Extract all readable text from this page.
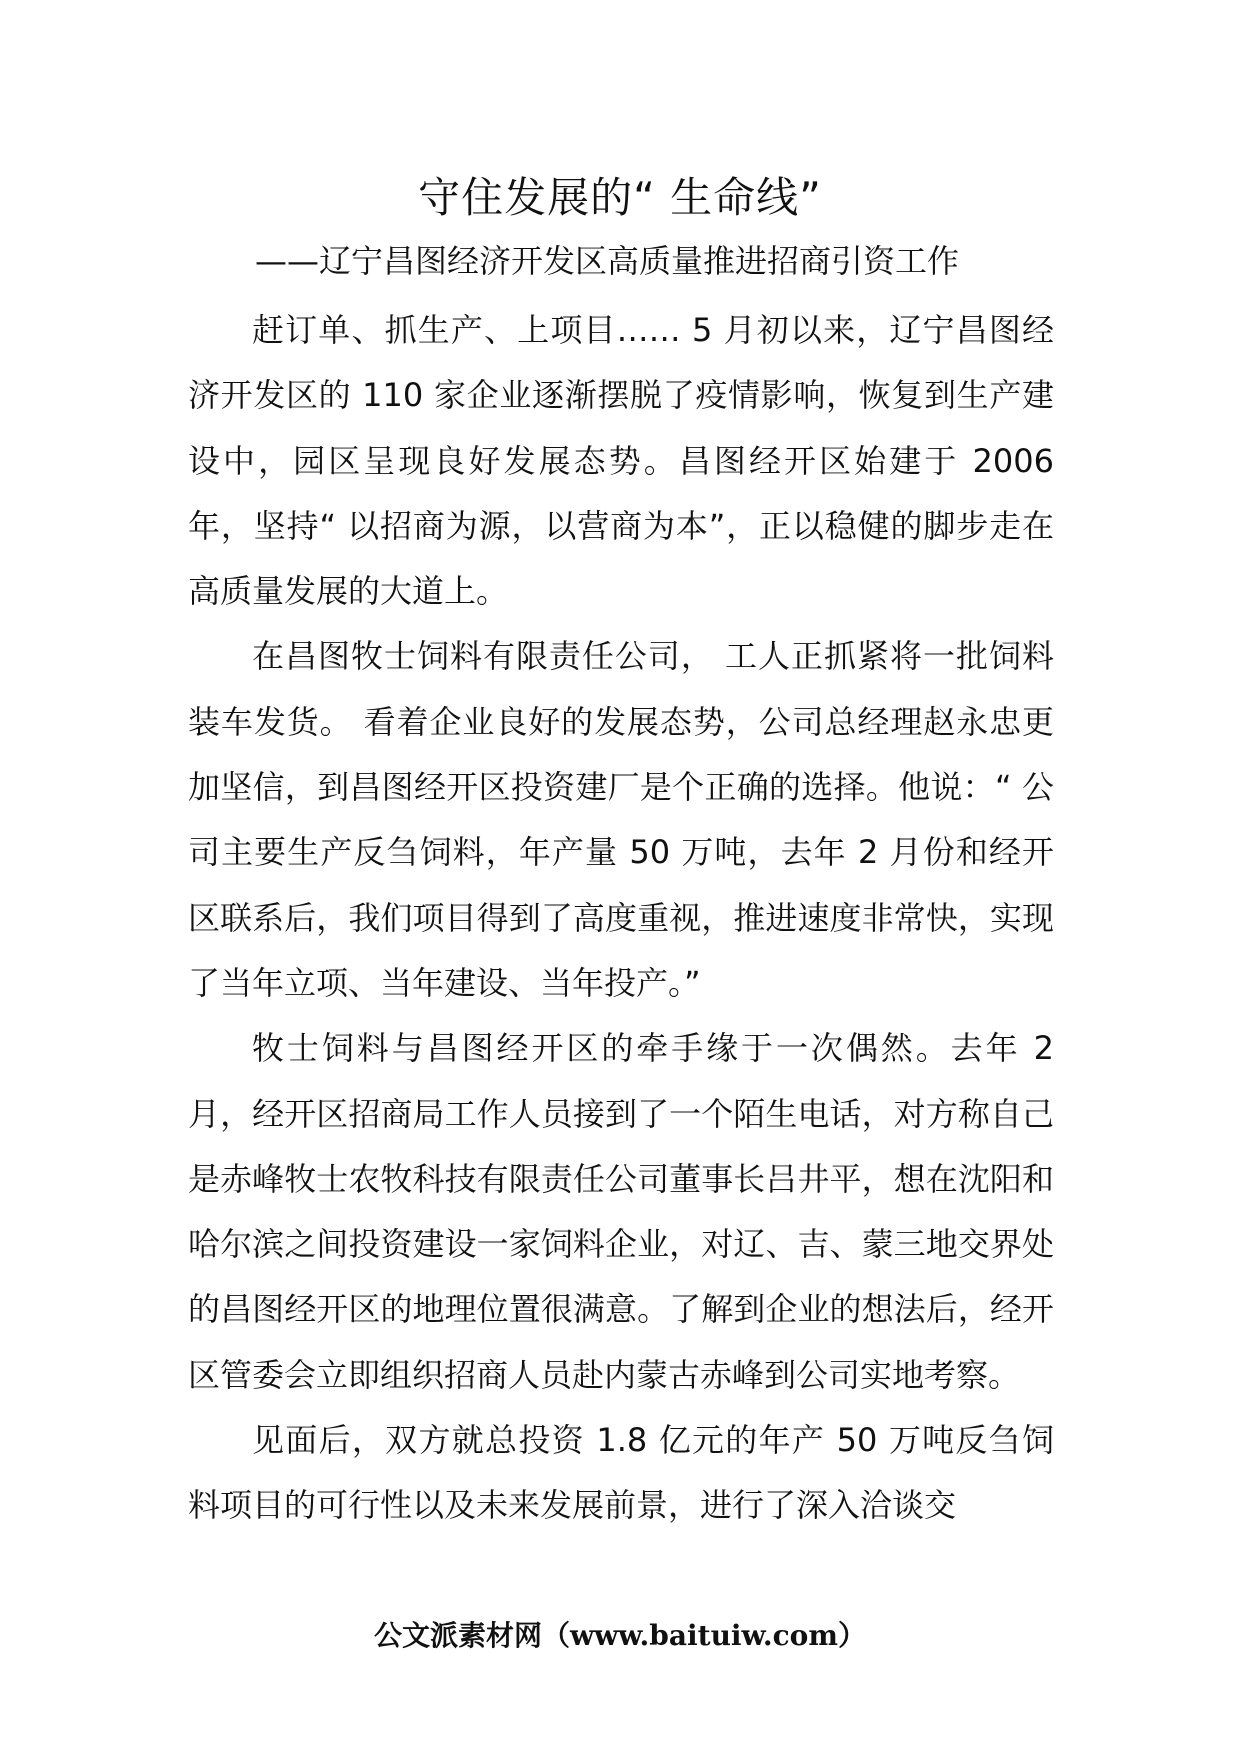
守住发展的“ 生命线”
——辽宁昌图经济开发区高质量推进招商引资工作

赶订单、抓生产、上项目…… 5 月初以来，辽宁昌图经济开发区的 110 家企业逐渐摆脱了疫情影响，恢复到生产建设中，园区呈现良好发展态势。昌图经开区始建于 2006 年，坚持“ 以招商为源，以营商为本”，正以稳健的脚步走在高质量发展的大道上。

在昌图牧士饲料有限责任公司， 工人正抓紧将一批饲料装车发货。 看着企业良好的发展态势，公司总经理赵永忠更加坚信，到昌图经开区投资建厂是个正确的选择。他说：“ 公司主要生产反刍饲料，年产量 50 万吨，去年 2 月份和经开区联系后，我们项目得到了高度重视，推进速度非常快，实现了当年立项、当年建设、当年投产。”

牧士饲料与昌图经开区的牵手缘于一次偶然。去年 2 月，经开区招商局工作人员接到了一个陌生电话，对方称自己是赤峰牧士农牧科技有限责任公司董事长吕井平，想在沈阳和哈尔滨之间投资建设一家饲料企业，对辽、吉、蒙三地交界处的昌图经开区的地理位置很满意。了解到企业的想法后，经开区管委会立即组织招商人员赴内蒙古赤峰到公司实地考察。

见面后，双方就总投资 1.8 亿元的年产 50 万吨反刍饲料项目的可行性以及未来发展前景，进行了深入洽谈交

公文派素材网（www.baituiw.com）
